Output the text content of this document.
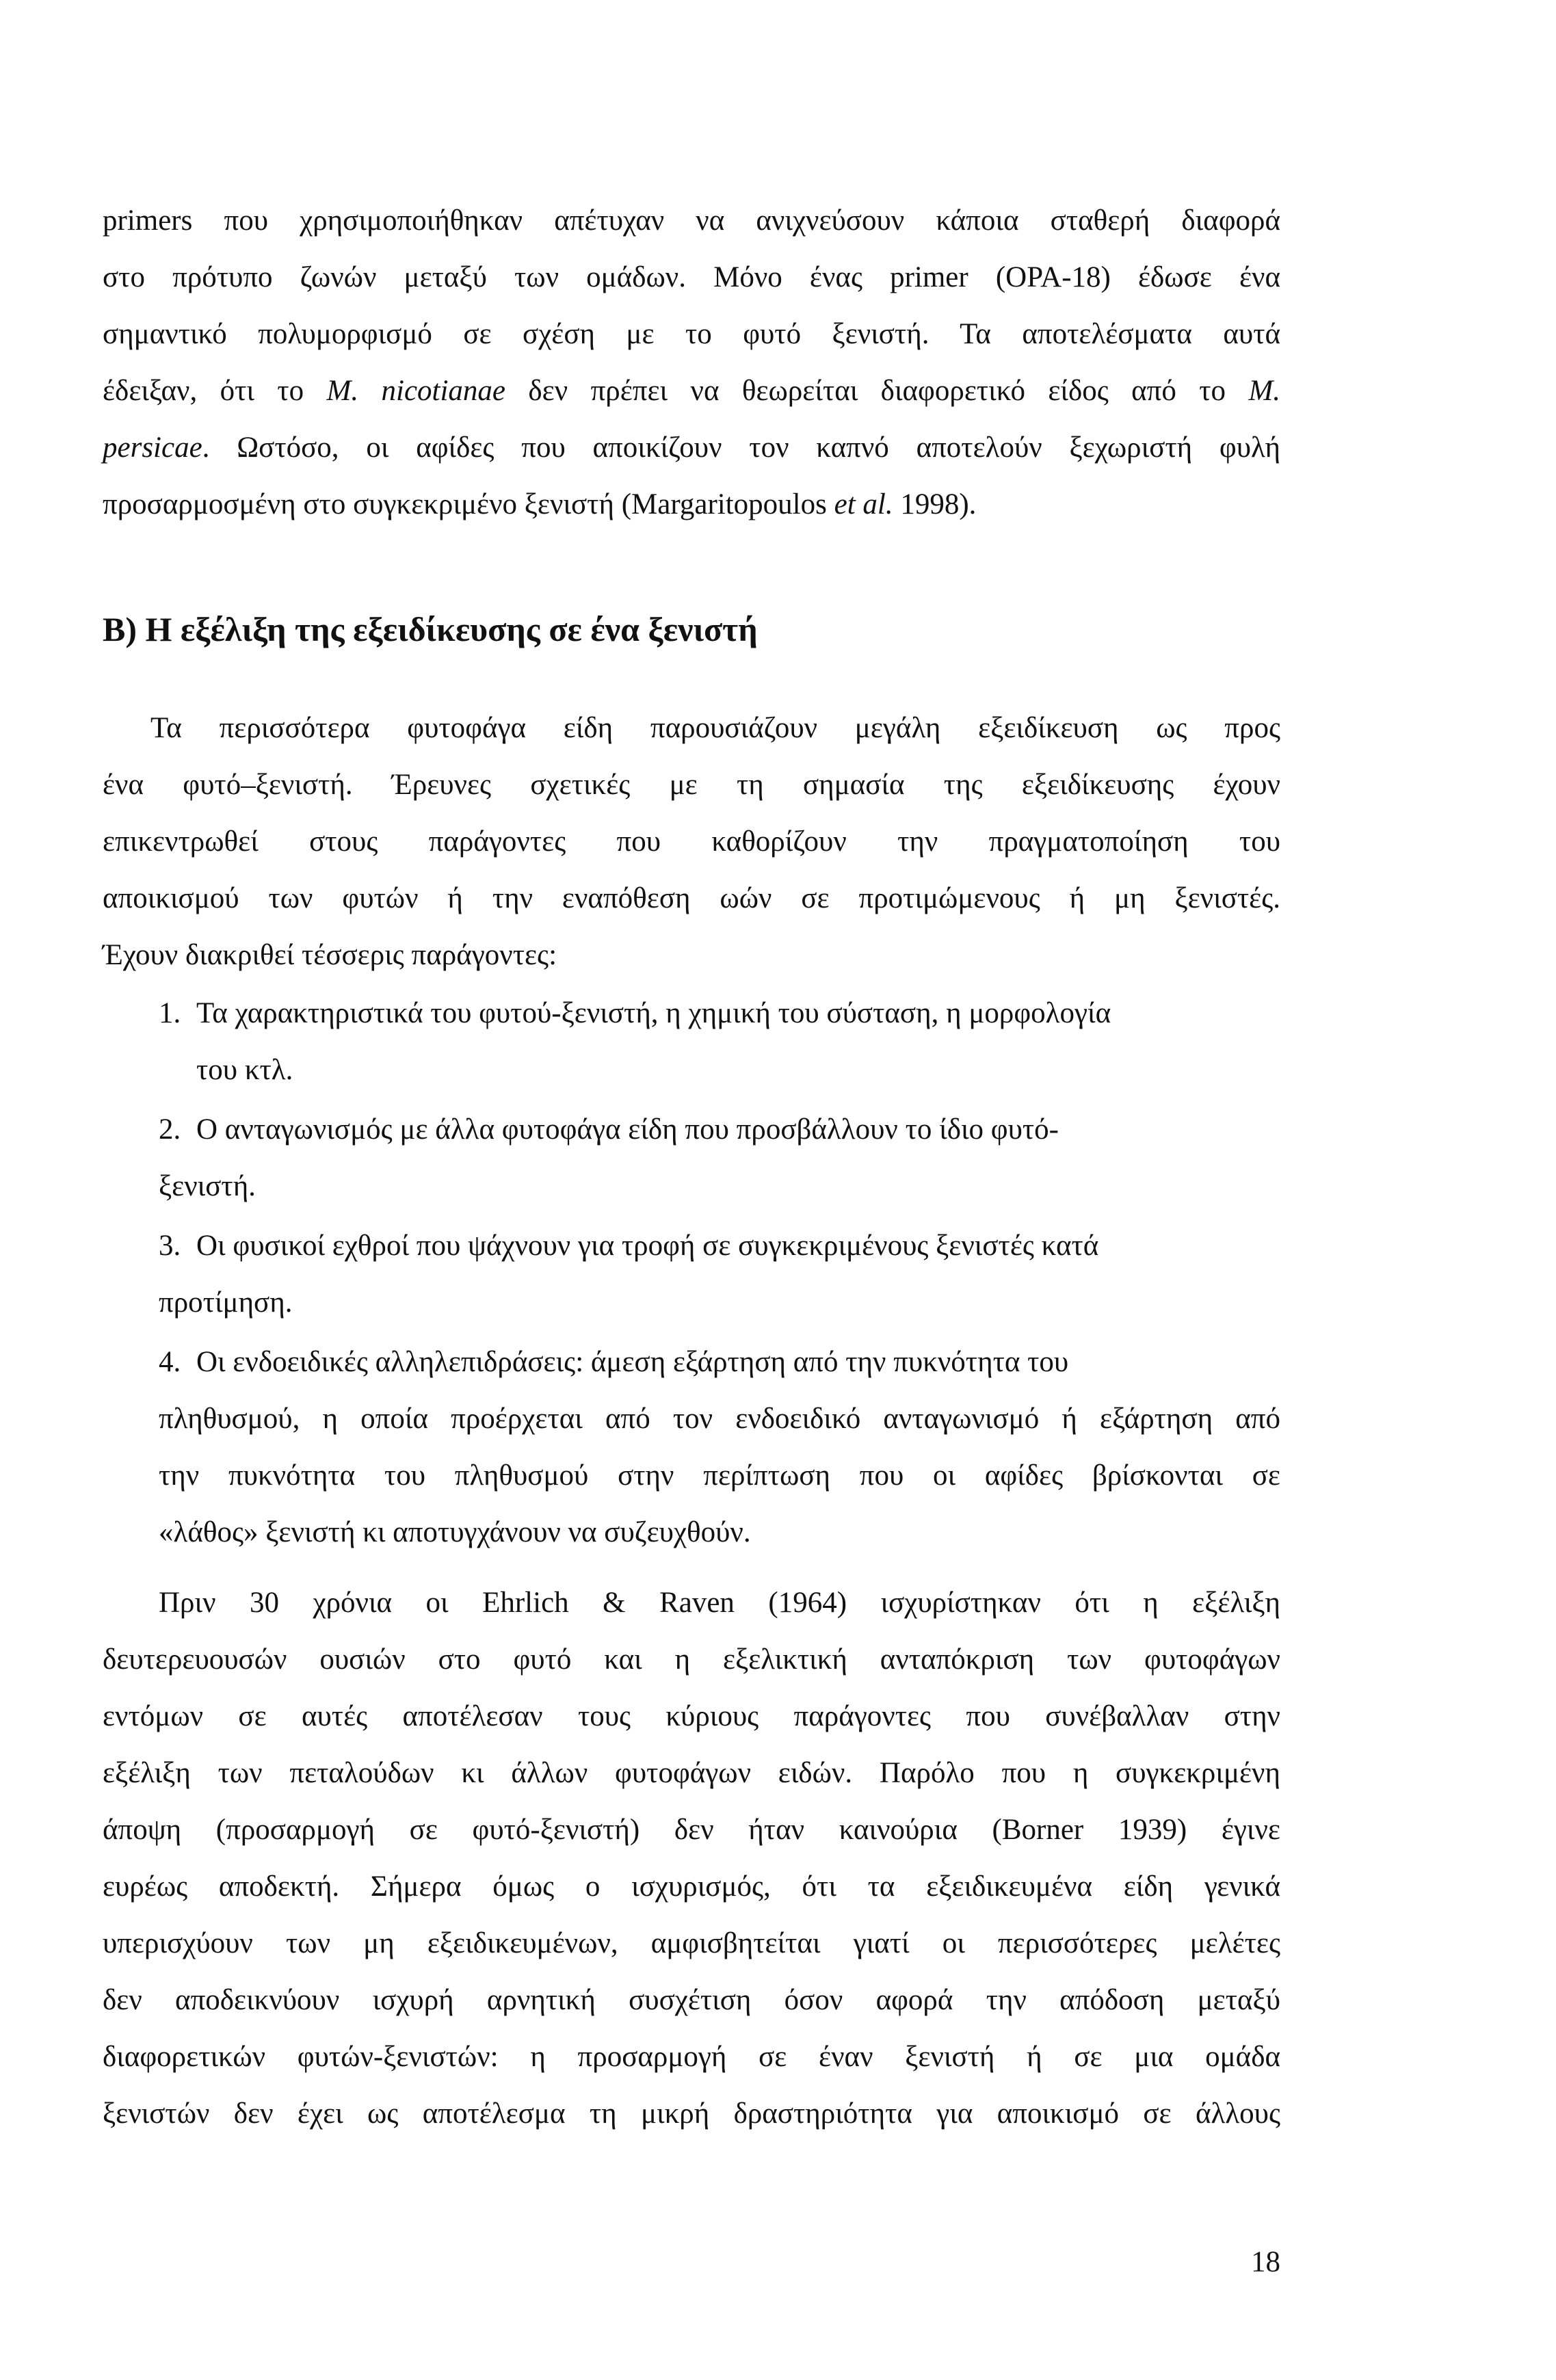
primers που χρησιμοποιήθηκαν απέτυχαν να ανιχνεύσουν κάποια σταθερή διαφορά
στο πρότυπο ζωνών μεταξύ των ομάδων. Μόνο ένας primer (OPA-18) έδωσε ένα
σημαντικό πολυμορφισμό σε σχέση με το φυτό ξενιστή. Τα αποτελέσματα αυτά
έδειξαν, ότι το M. nicotianae δεν πρέπει να θεωρείται διαφορετικό είδος από το M.
persicae. Ωστόσο, οι αφίδες που αποικίζουν τον καπνό αποτελούν ξεχωριστή φυλή
προσαρμοσμένη στο συγκεκριμένο ξενιστή (Margaritopoulos et al. 1998).
B) Η εξέλιξη της εξειδίκευσης σε ένα ξενιστή
Τα περισσότερα φυτοφάγα είδη παρουσιάζουν μεγάλη εξειδίκευση ως προς
ένα φυτό–ξενιστή. Έρευνες σχετικές με τη σημασία της εξειδίκευσης έχουν
επικεντρωθεί στους παράγοντες που καθορίζουν την πραγματοποίηση του
αποικισμού των φυτών ή την εναπόθεση ωών σε προτιμώμενους ή μη ξενιστές.
Έχουν διακριθεί τέσσερις παράγοντες:
1. Τα χαρακτηριστικά του φυτού-ξενιστή, η χημική του σύσταση, η μορφολογία
του κτλ.
2. Ο ανταγωνισμός με άλλα φυτοφάγα είδη που προσβάλλουν το ίδιο φυτό-
ξενιστή.
3. Οι φυσικοί εχθροί που ψάχνουν για τροφή σε συγκεκριμένους ξενιστές κατά
προτίμηση.
4. Οι ενδοειδικές αλληλεπιδράσεις: άμεση εξάρτηση από την πυκνότητα του
πληθυσμού, η οποία προέρχεται από τον ενδοειδικό ανταγωνισμό ή εξάρτηση από
την πυκνότητα του πληθυσμού στην περίπτωση που οι αφίδες βρίσκονται σε
«λάθος» ξενιστή κι αποτυγχάνουν να συζευχθούν.
Πριν 30 χρόνια οι Ehrlich & Raven (1964) ισχυρίστηκαν ότι η εξέλιξη
δευτερευουσών ουσιών στο φυτό και η εξελικτική ανταπόκριση των φυτοφάγων
εντόμων σε αυτές αποτέλεσαν τους κύριους παράγοντες που συνέβαλλαν στην
εξέλιξη των πεταλούδων κι άλλων φυτοφάγων ειδών. Παρόλο που η συγκεκριμένη
άποψη (προσαρμογή σε φυτό-ξενιστή) δεν ήταν καινούρια (Borner 1939) έγινε
ευρέως αποδεκτή. Σήμερα όμως ο ισχυρισμός, ότι τα εξειδικευμένα είδη γενικά
υπερισχύουν των μη εξειδικευμένων, αμφισβητείται γιατί οι περισσότερες μελέτες
δεν αποδεικνύουν ισχυρή αρνητική συσχέτιση όσον αφορά την απόδοση μεταξύ
διαφορετικών φυτών-ξενιστών: η προσαρμογή σε έναν ξενιστή ή σε μια ομάδα
ξενιστών δεν έχει ως αποτέλεσμα τη μικρή δραστηριότητα για αποικισμό σε άλλους
18
